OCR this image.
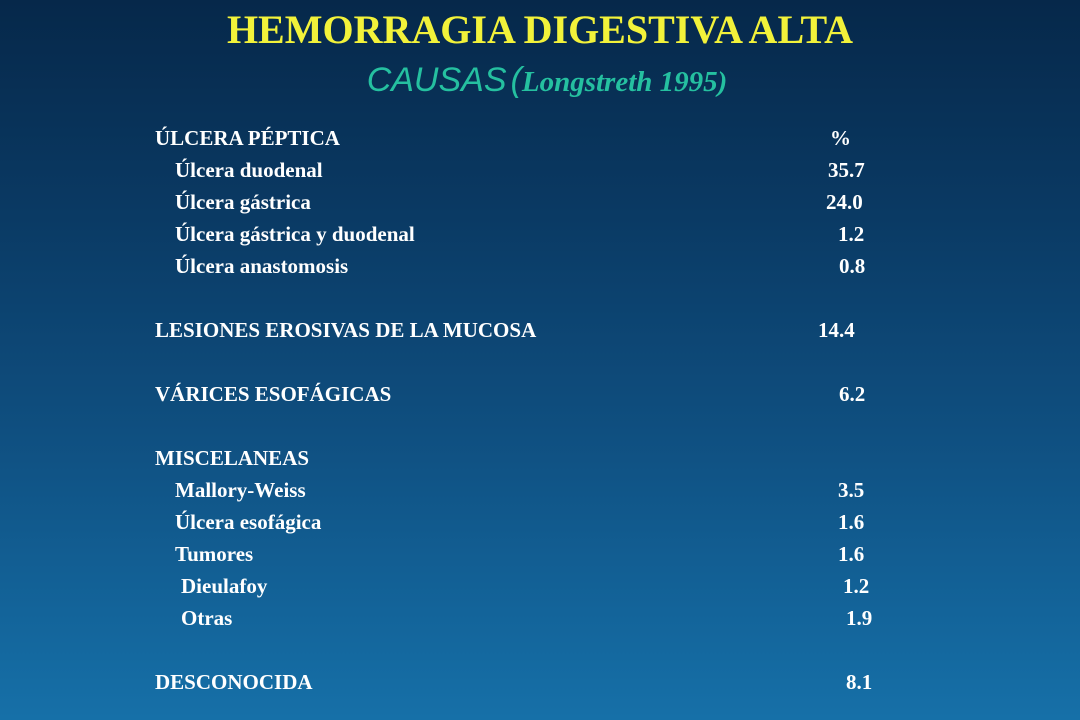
HEMORRAGIA DIGESTIVA ALTA
CAUSAS (Longstreth 1995)
ÚLCERA PÉPTICA	%
Úlcera duodenal	35.7
Úlcera gástrica	24.0
Úlcera gástrica y duodenal	1.2
Úlcera anastomosis	0.8
LESIONES EROSIVAS DE LA MUCOSA	14.4
VÁRICES ESOFÁGICAS	6.2
MISCELANEAS
Mallory-Weiss	3.5
Úlcera esofágica	1.6
Tumores	1.6
Dieulafoy	1.2
Otras	1.9
DESCONOCIDA	8.1
